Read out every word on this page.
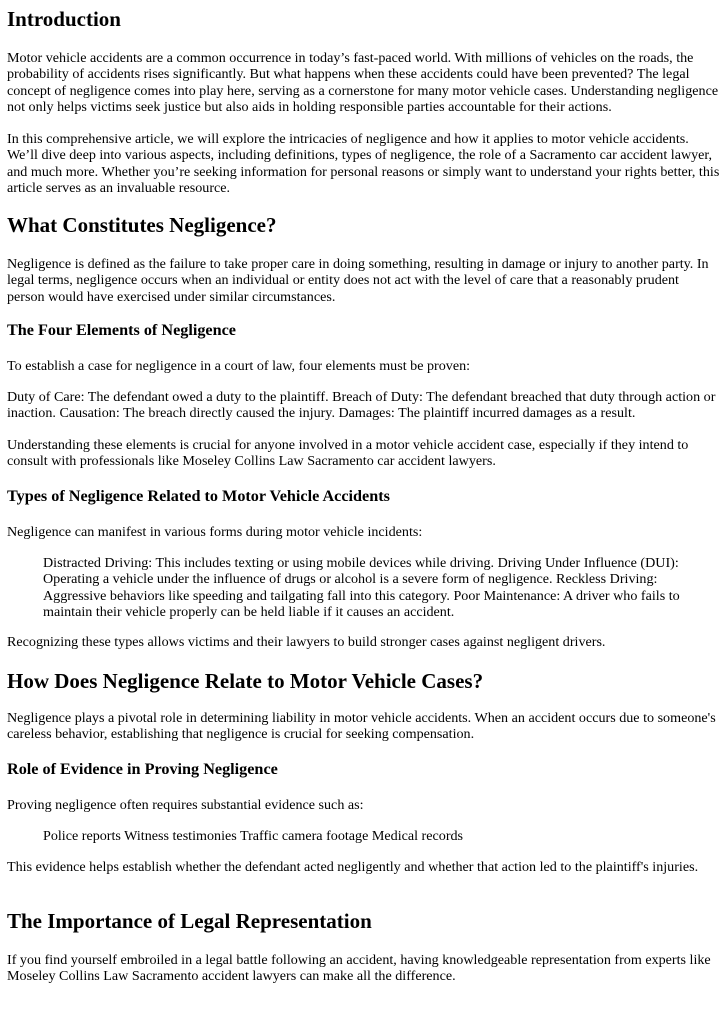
Introduction

Motor vehicle accidents are a common occurrence in today’s fast-paced world. With millions of vehicles on the roads, the probability of accidents rises significantly. But what happens when these accidents could have been prevented? The legal concept of negligence comes into play here, serving as a cornerstone for many motor vehicle cases. Understanding negligence not only helps victims seek justice but also aids in holding responsible parties accountable for their actions.

In this comprehensive article, we will explore the intricacies of negligence and how it applies to motor vehicle accidents. We’ll dive deep into various aspects, including definitions, types of negligence, the role of a Sacramento car accident lawyer, and much more. Whether you’re seeking information for personal reasons or simply want to understand your rights better, this article serves as an invaluable resource.

What Constitutes Negligence?

Negligence is defined as the failure to take proper care in doing something, resulting in damage or injury to another party. In legal terms, negligence occurs when an individual or entity does not act with the level of care that a reasonably prudent person would have exercised under similar circumstances.

The Four Elements of Negligence

To establish a case for negligence in a court of law, four elements must be proven:

Duty of Care: The defendant owed a duty to the plaintiff. Breach of Duty: The defendant breached that duty through action or inaction. Causation: The breach directly caused the injury. Damages: The plaintiff incurred damages as a result.

Understanding these elements is crucial for anyone involved in a motor vehicle accident case, especially if they intend to consult with professionals like Moseley Collins Law Sacramento car accident lawyers.

Types of Negligence Related to Motor Vehicle Accidents

Negligence can manifest in various forms during motor vehicle incidents:

Distracted Driving: This includes texting or using mobile devices while driving. Driving Under Influence (DUI): Operating a vehicle under the influence of drugs or alcohol is a severe form of negligence. Reckless Driving: Aggressive behaviors like speeding and tailgating fall into this category. Poor Maintenance: A driver who fails to maintain their vehicle properly can be held liable if it causes an accident.

Recognizing these types allows victims and their lawyers to build stronger cases against negligent drivers.

How Does Negligence Relate to Motor Vehicle Cases?

Negligence plays a pivotal role in determining liability in motor vehicle accidents. When an accident occurs due to someone's careless behavior, establishing that negligence is crucial for seeking compensation.

Role of Evidence in Proving Negligence

Proving negligence often requires substantial evidence such as:

Police reports Witness testimonies Traffic camera footage Medical records

This evidence helps establish whether the defendant acted negligently and whether that action led to the plaintiff's injuries.

The Importance of Legal Representation

If you find yourself embroiled in a legal battle following an accident, having knowledgeable representation from experts like Moseley Collins Law Sacramento accident lawyers can make all the difference.
